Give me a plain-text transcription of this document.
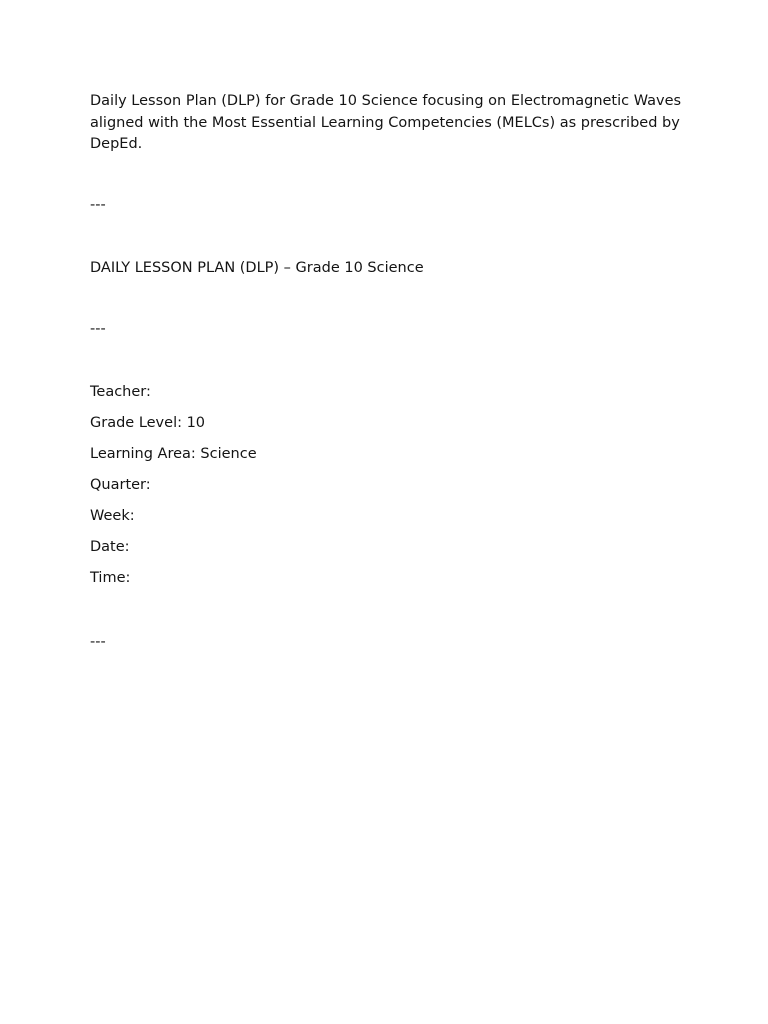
Daily Lesson Plan (DLP) for Grade 10 Science focusing on Electromagnetic Waves aligned with the Most Essential Learning Competencies (MELCs) as prescribed by DepEd.

---

DAILY LESSON PLAN (DLP) – Grade 10 Science

---

Teacher:
Grade Level: 10
Learning Area: Science
Quarter:
Week:
Date:
Time:

---
